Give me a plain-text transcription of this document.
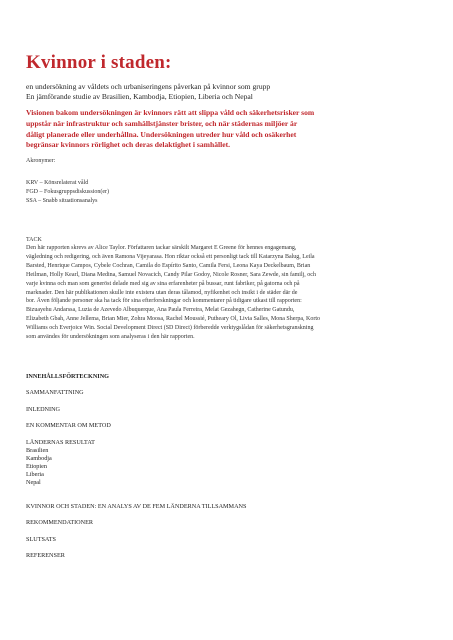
Kvinnor i staden:
en undersökning av våldets och urbaniseringens påverkan på kvinnor som grupp
En jämförande studie av Brasilien, Kambodja, Etiopien, Liberia och Nepal
Visionen bakom undersökningen är kvinnors rätt att slippa våld och säkerhetsrisker som
uppstår när infrastruktur och samhällstjänster brister, och när städernas miljöer är
dåligt planerade eller underhållna. Undersökningen utreder hur våld och osäkerhet
begränsar kvinnors rörlighet och deras delaktighet i samhället.
Akronymer:
KRV – Könsrelaterat våld
FGD – Fokusgruppsdiskussion(er)
SSA – Snabb situationsanalys
TACK
Den här rapporten skrevs av Alice Taylor. Författaren tackar särskilt Margaret E Greene för hennes engagemang,
vägledning och redigering, och även Ramona Vijeyarasa. Hon riktar också ett personligt tack till Katarzyna Balug, Leila
Barsted, Henrique Campos, Cybele Cochran, Camila do Espírito Santo, Camila Fersi, Leona Kaya Deckelbaum, Brian
Heilman, Holly Kearl, Diana Medina, Samuel Novacich, Candy Pilar Godoy, Nicole Rosner, Sara Zewde, sin familj, och
varje kvinna och man som generöst delade med sig av sina erfarenheter på bussar, runt fabriker, på gatorna och på
marknader. Den här publikationen skulle inte existera utan deras tålamod, nyfikenhet och insikt i de städer där de
bor. Även följande personer ska ha tack för sina efterforskningar och kommentarer på tidigare utkast till rapporten:
Bizuayehu Andarssa, Luzia de Azevedo Albuquerque, Ana Paula Ferreira, Melat Gezahegn, Catherine Gatundu,
Elizabeth Gbah, Anne Jellema, Brian Mier, Zohra Moosa, Rachel Moussié, Putheary Ol, Livia Salles, Mona Sherpa, Korto
Williams och Everjoice Win. Social Development Direct (SD Direct) förberedde verktygslådan för säkerhetsgranskning
som användes för undersökningen som analyseras i den här rapporten.
INNEHÅLLSFÖRTECKNING
SAMMANFATTNING
INLEDNING
EN KOMMENTAR OM METOD
LÄNDERNAS RESULTAT
Brasilien
Kambodja
Etiopien
Liberia
Nepal
KVINNOR OCH STADEN: EN ANALYS AV DE FEM LÄNDERNA TILLSAMMANS
REKOMMENDATIONER
SLUTSATS
REFERENSER
